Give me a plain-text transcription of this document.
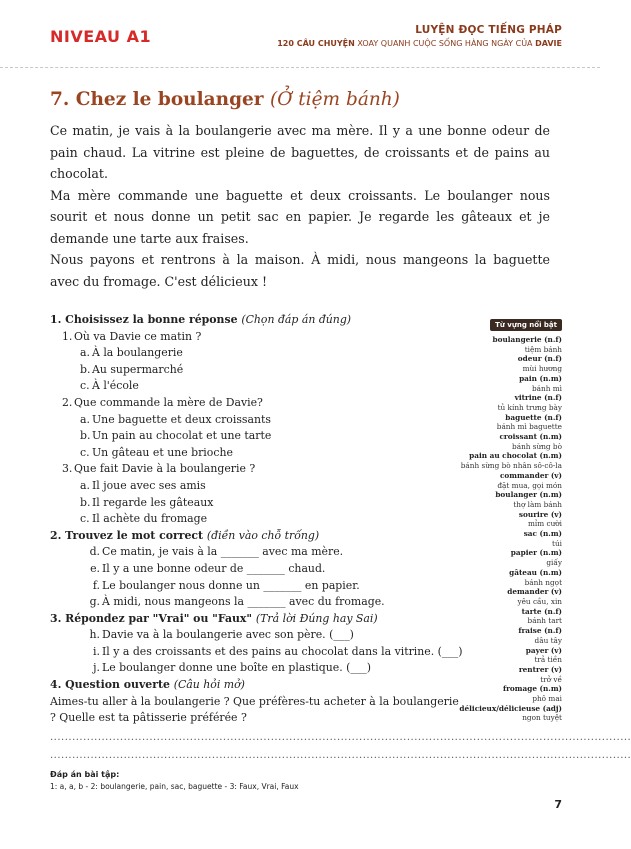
NIVEAU A1	LUYỆN ĐỌC TIẾNG PHÁP
120 CÂU CHUYỆN XOAY QUANH CUỘC SỐNG HÀNG NGÀY CỦA DAVIE
7. Chez le boulanger (Ở tiệm bánh)

Ce matin, je vais à la boulangerie avec ma mère. Il y a une bonne odeur de pain chaud. La vitrine est pleine de baguettes, de croissants et de pains au chocolat.

Ma mère commande une baguette et deux croissants. Le boulanger nous sourit et nous donne un petit sac en papier. Je regarde les gâteaux et je demande une tarte aux fraises.

Nous payons et rentrons à la maison. À midi, nous mangeons la baguette avec du fromage. C'est délicieux !

1. Choisissez la bonne réponse (Chọn đáp án đúng)
1. Où va Davie ce matin ?
a. À la boulangerie
b. Au supermarché
c. À l'école
2. Que commande la mère de Davie?
a. Une baguette et deux croissants
b. Un pain au chocolat et une tarte
c. Un gâteau et une brioche
3. Que fait Davie à la boulangerie ?
a. Il joue avec ses amis
b. Il regarde les gâteaux
c. Il achète du fromage
2. Trouvez le mot correct (điền vào chỗ trống)
d. Ce matin, je vais à la _______ avec ma mère.
e. Il y a une bonne odeur de _______ chaud.
f. Le boulanger nous donne un _______ en papier.
g. À midi, nous mangeons la _______ avec du fromage.
3. Répondez par "Vrai" ou "Faux" (Trả lời Đúng hay Sai)
h. Davie va à la boulangerie avec son père. (___)
i. Il y a des croissants et des pains au chocolat dans la vitrine. (___)
j. Le boulanger donne une boîte en plastique. (___)
4. Question ouverte (Câu hỏi mở)
Aimes-tu aller à la boulangerie ? Que préfères-tu acheter à la boulangerie
? Quelle est ta pâtisserie préférée ?
..............................................................................................................................................................
..............................................................................................................................................................
Đáp án bài tập:
1: a, a, b - 2: boulangerie, pain, sac, baguette - 3: Faux, Vrai, Faux
Từ vựng nổi bật
boulangerie (n.f)
tiệm bánh
odeur (n.f)
mùi hương
pain (n.m)
bánh mì
vitrine (n.f)
tủ kính trưng bày
baguette (n.f)
bánh mì baguette
croissant (n.m)
bánh sừng bò
pain au chocolat (n.m)
bánh sừng bò nhân sô-cô-la
commander (v)
đặt mua, gọi món
boulanger (n.m)
thợ làm bánh
sourire (v)
mỉm cười
sac (n.m)
túi
papier (n.m)
giấy
gâteau (n.m)
bánh ngọt
demander (v)
yêu cầu, xin
tarte (n.f)
bánh tart
fraise (n.f)
dâu tây
payer (v)
trả tiền
rentrer (v)
trở về
fromage (n.m)
phô mai
délicieux/délicieuse (adj)
ngon tuyệt
7
